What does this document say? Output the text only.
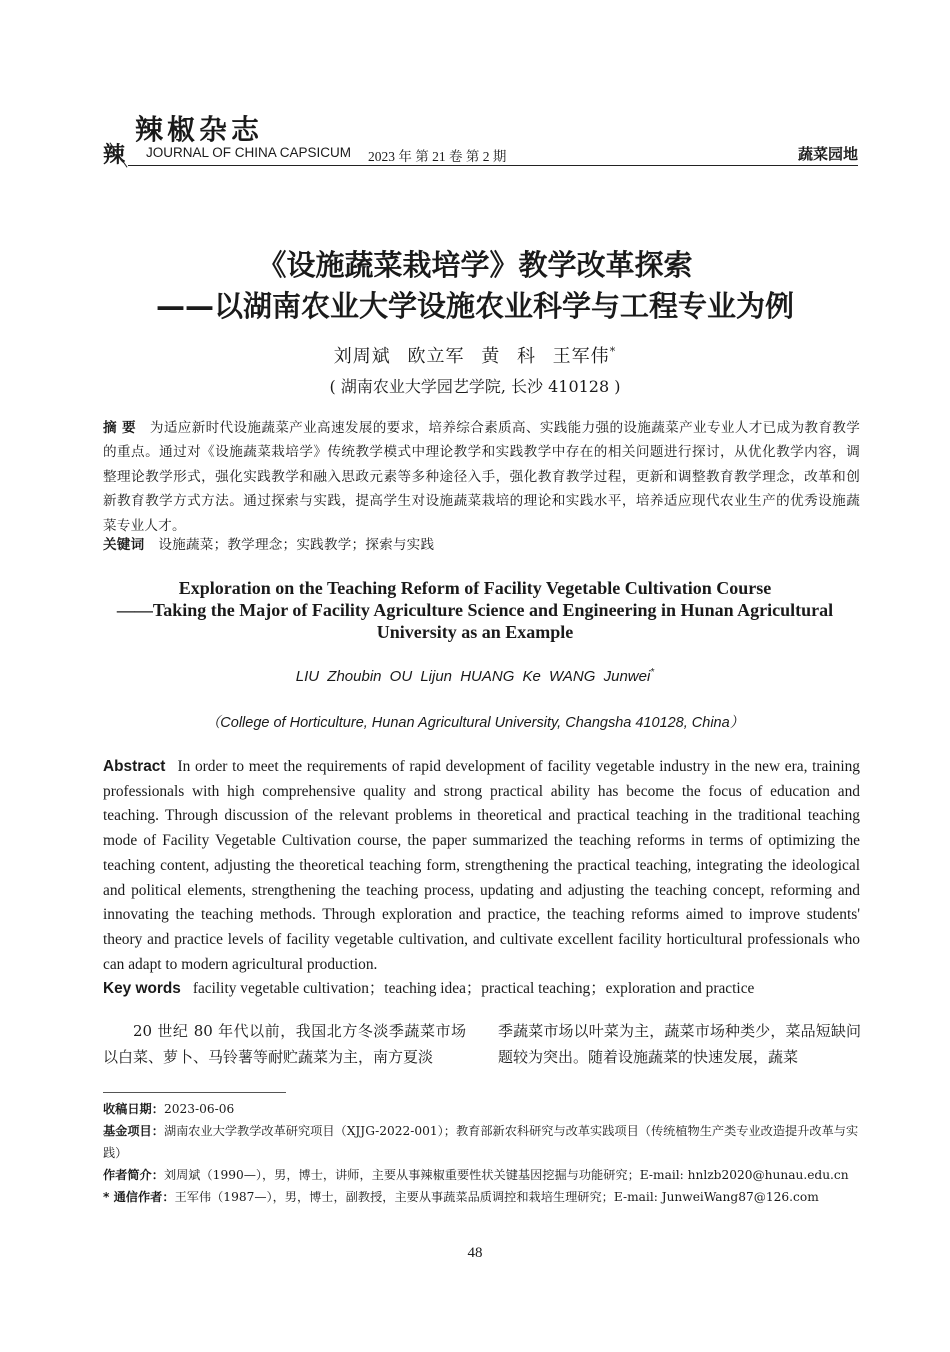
辣椒杂志
辣 JOURNAL OF CHINA CAPSICUM 2023 年 第 21 卷 第 2 期	蔬菜园地
《设施蔬菜栽培学》教学改革探索
——以湖南农业大学设施农业科学与工程专业为例
刘周斌 欧立军 黄 科 王军伟*
( 湖南农业大学园艺学院, 长沙 410128 )
摘 要 为适应新时代设施蔬菜产业高速发展的要求，培养综合素质高、实践能力强的设施蔬菜产业专业人才已成为教育教学的重点。通过对《设施蔬菜栽培学》传统教学模式中理论教学和实践教学中存在的相关问题进行探讨，从优化教学内容，调整理论教学形式，强化实践教学和融入思政元素等多种途径入手，强化教育教学过程，更新和调整教育教学理念，改革和创新教育教学方式方法。通过探索与实践，提高学生对设施蔬菜栽培的理论和实践水平，培养适应现代农业生产的优秀设施蔬菜专业人才。
关键词 设施蔬菜；教学理念；实践教学；探索与实践
Exploration on the Teaching Reform of Facility Vegetable Cultivation Course
——Taking the Major of Facility Agriculture Science and Engineering in Hunan Agricultural
University as an Example
LIU Zhoubin OU Lijun HUANG Ke WANG Junwei*
（College of Horticulture, Hunan Agricultural University, Changsha 410128, China）
Abstract In order to meet the requirements of rapid development of facility vegetable industry in the new era, training professionals with high comprehensive quality and strong practical ability has become the focus of education and teaching. Through discussion of the relevant problems in theoretical and practical teaching in the traditional teaching mode of Facility Vegetable Cultivation course, the paper summarized the teaching reforms in terms of optimizing the teaching content, adjusting the theoretical teaching form, strengthening the practical teaching, integrating the ideological and political elements, strengthening the teaching process, updating and adjusting the teaching concept, reforming and innovating the teaching methods. Through exploration and practice, the teaching reforms aimed to improve students' theory and practice levels of facility vegetable cultivation, and cultivate excellent facility horticultural professionals who can adapt to modern agricultural production.
Key words facility vegetable cultivation；teaching idea；practical teaching；exploration and practice
20 世纪 80 年代以前，我国北方冬淡季蔬菜市场以白菜、萝卜、马铃薯等耐贮蔬菜为主，南方夏淡
季蔬菜市场以叶菜为主，蔬菜市场种类少，菜品短缺问题较为突出。随着设施蔬菜的快速发展，蔬菜
收稿日期：2023-06-06
基金项目：湖南农业大学教学改革研究项目（XJJG-2022-001）；教育部新农科研究与改革实践项目（传统植物生产类专业改造提升改革与实践）
作者简介：刘周斌（1990—），男，博士，讲师，主要从事辣椒重要性状关键基因挖掘与功能研究；E-mail: hnlzb2020@hunau.edu.cn
* 通信作者：王军伟（1987—），男，博士，副教授，主要从事蔬菜品质调控和栽培生理研究；E-mail: JunweiWang87@126.com
48
